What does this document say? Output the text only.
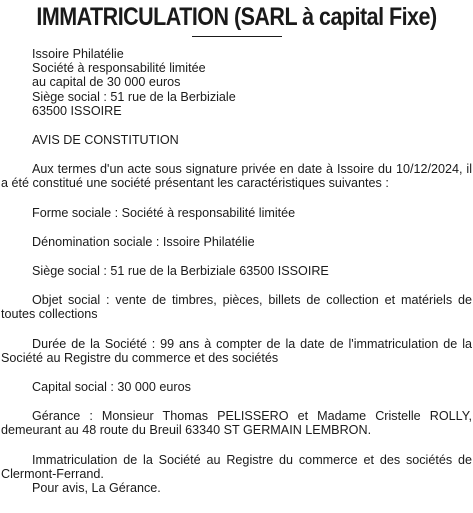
IMMATRICULATION (SARL à capital Fixe)
Issoire Philatélie
Société à responsabilité limitée
au capital de 30 000 euros
Siège social : 51 rue de la Berbiziale
63500 ISSOIRE

AVIS DE CONSTITUTION

Aux termes d'un acte sous signature privée en date à Issoire du 10/12/2024, il a été constitué une société présentant les caractéristiques suivantes :

Forme sociale : Société à responsabilité limitée

Dénomination sociale : Issoire Philatélie

Siège social : 51 rue de la Berbiziale 63500 ISSOIRE

Objet social : vente de timbres, pièces, billets de collection et matériels de toutes collections

Durée de la Société : 99 ans à compter de la date de l'immatriculation de la Société au Registre du commerce et des sociétés

Capital social : 30 000 euros

Gérance : Monsieur Thomas PELISSERO et Madame Cristelle ROLLY, demeurant au 48 route du Breuil 63340 ST GERMAIN LEMBRON.

Immatriculation de la Société au Registre du commerce et des sociétés de Clermont-Ferrand.

Pour avis, La Gérance.
